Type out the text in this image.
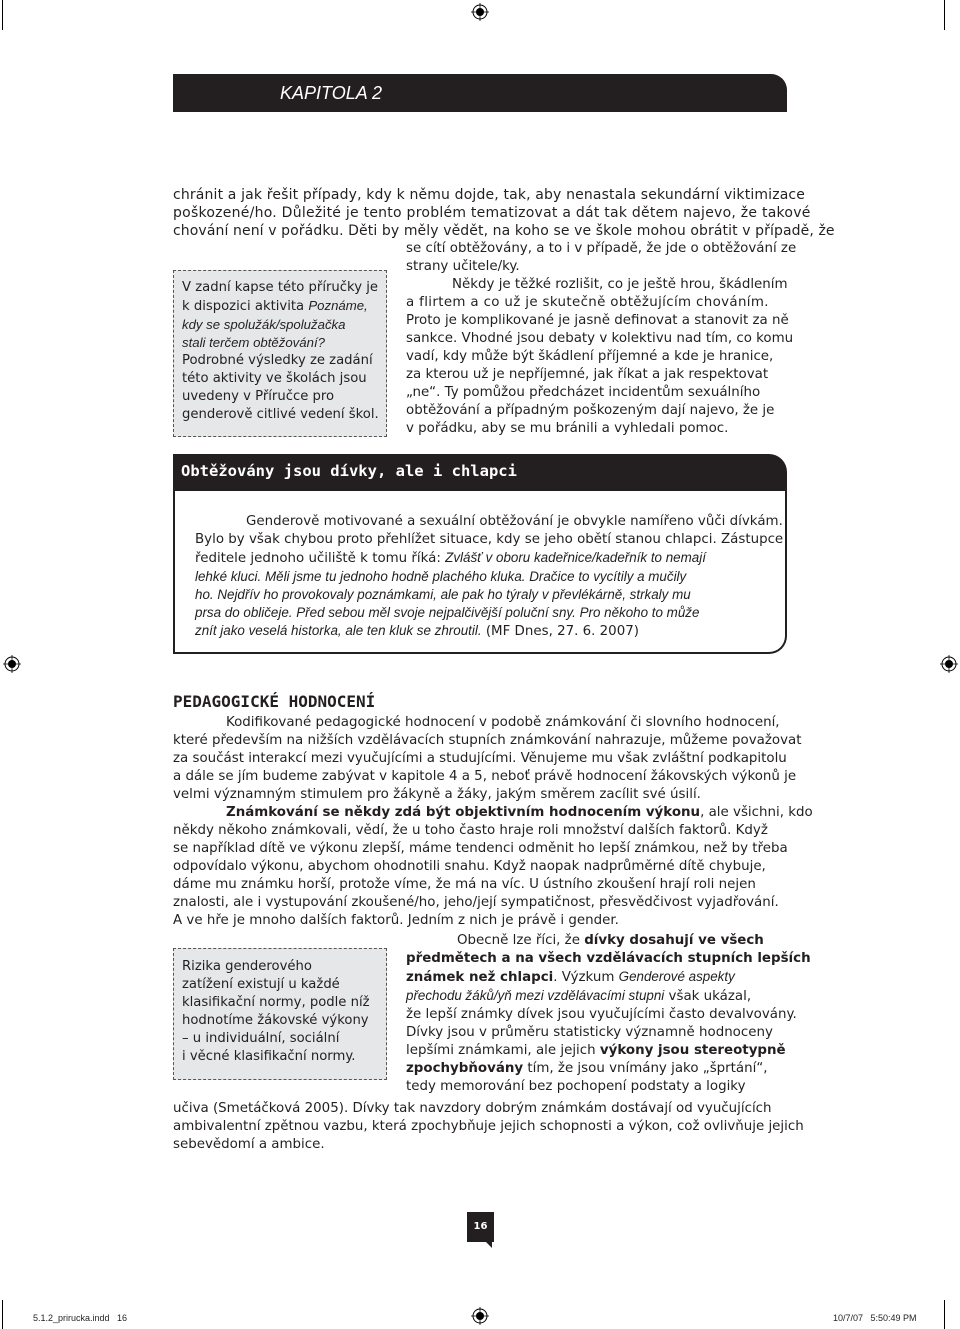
KAPITOLA 2
chránit a jak řešit případy, kdy k němu dojde, tak, aby nenastala sekundární viktimizace
poškozené/ho. Důležité je tento problém tematizovat a dát tak dětem najevo, že takové
chování není v pořádku. Děti by měly vědět, na koho se ve škole mohou obrátit v případě, že
se cítí obtěžovány, a to i v případě, že jde o obtěžování ze
strany učitele/ky.
Někdy je těžké rozlišit, co je ještě hrou, škádlením
a flirtem a co už je skutečně obtěžujícím chováním.
Proto je komplikované je jasně definovat a stanovit za ně
sankce. Vhodné jsou debaty v kolektivu nad tím, co komu
vadí, kdy může být škádlení příjemné a kde je hranice,
za kterou už je nepříjemné, jak říkat a jak respektovat
„ne“. Ty pomůžou předcházet incidentům sexuálního
obtěžování a případným poškozeným dají najevo, že je
v pořádku, aby se mu bránili a vyhledali pomoc.
V zadní kapse této příručky je
k dispozici aktivita Poznáme,
kdy se spolužák/spolužačka
stali terčem obtěžování?
Podrobné výsledky ze zadání
této aktivity ve školách jsou
uvedeny v Příručce pro
genderově citlivé vedení škol.
Obtěžovány jsou dívky, ale i chlapci
Genderově motivované a sexuální obtěžování je obvykle namířeno vůči dívkám.
Bylo by však chybou proto přehlížet situace, kdy se jeho obětí stanou chlapci. Zástupce
ředitele jednoho učiliště k tomu říká: Zvlášť v oboru kadeřnice/kadeřník to nemají
lehké kluci. Měli jsme tu jednoho hodně plachého kluka. Dračice to vycítily a mučily
ho. Nejdřív ho provokovaly poznámkami, ale pak ho týraly v převlékárně, strkaly mu
prsa do obličeje. Před sebou měl svoje nejpalčivější poluční sny. Pro někoho to může
znít jako veselá historka, ale ten kluk se zhroutil. (MF Dnes, 27. 6. 2007)
PEDAGOGICKÉ HODNOCENÍ
Kodifikované pedagogické hodnocení v podobě známkování či slovního hodnocení,
které především na nižších vzdělávacích stupních známkování nahrazuje, můžeme považovat
za součást interakcí mezi vyučujícími a studujícími. Věnujeme mu však zvláštní podkapitolu
a dále se jím budeme zabývat v kapitole 4 a 5, neboť právě hodnocení žákovských výkonů je
velmi významným stimulem pro žákyně a žáky, jakým směrem zacílit své úsilí.
Známkování se někdy zdá být objektivním hodnocením výkonu, ale všichni, kdo
někdy někoho známkovali, vědí, že u toho často hraje roli množství dalších faktorů. Když
se například dítě ve výkonu zlepší, máme tendenci odměnit ho lepší známkou, než by třeba
odpovídalo výkonu, abychom ohodnotili snahu. Když naopak nadprůměrné dítě chybuje,
dáme mu známku horší, protože víme, že má na víc. U ústního zkoušení hrají roli nejen
znalosti, ale i vystupování zkoušené/ho, jeho/její sympatičnost, přesvědčivost vyjadřování.
A ve hře je mnoho dalších faktorů. Jedním z nich je právě i gender.
Obecně lze říci, že dívky dosahují ve všech
předmětech a na všech vzdělávacích stupních lepších
známek než chlapci. Výzkum Genderové aspekty
přechodu žáků/yň mezi vzdělávacími stupni však ukázal,
že lepší známky dívek jsou vyučujícími často devalvovány.
Dívky jsou v průměru statisticky významně hodnoceny
lepšími známkami, ale jejich výkony jsou stereotypně
zpochybňovány tím, že jsou vnímány jako „šprtání“,
tedy memorování bez pochopení podstaty a logiky
učiva (Smetáčková 2005). Dívky tak navzdory dobrým známkám dostávají od vyučujících
ambivalentní zpětnou vazbu, která zpochybňuje jejich schopnosti a výkon, což ovlivňuje jejich
sebevědomí a ambice.
Rizika genderového
zatížení existují u každé
klasifikační normy, podle níž
hodnotíme žákovské výkony
– u individuální, sociální
i věcné klasifikační normy.
16
5.1.2_prirucka.indd   16	10/7/07   5:50:49 PM
